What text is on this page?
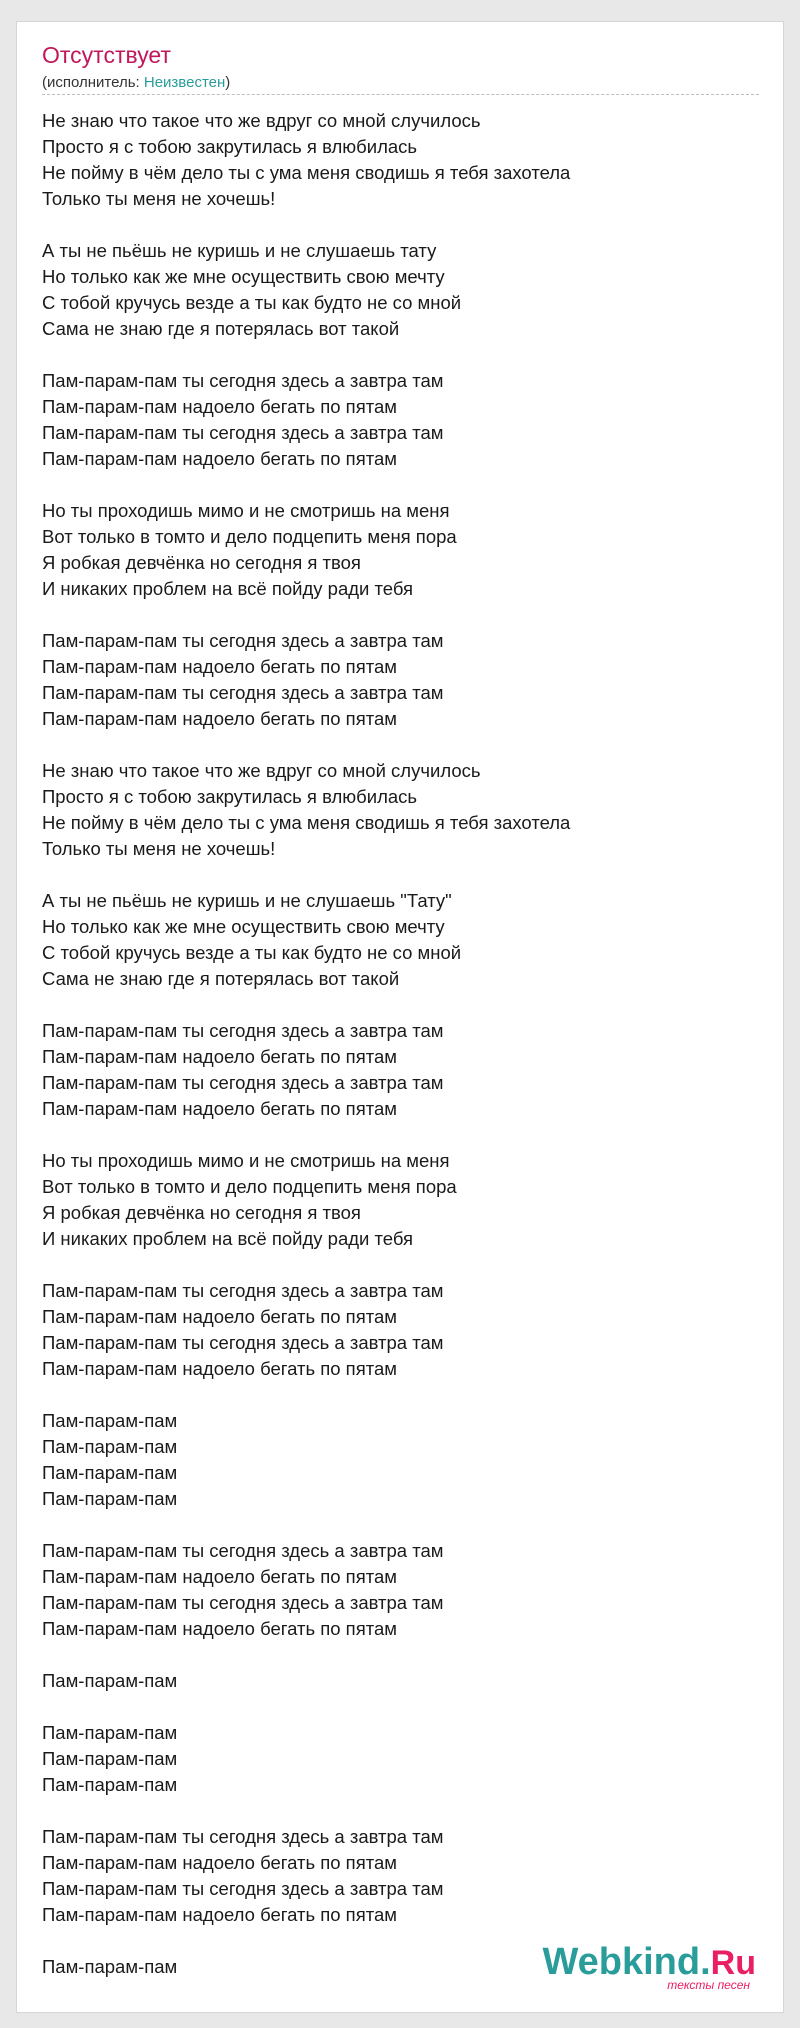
Отсутствует
(исполнитель: Неизвестен)
Не знаю что такое что же вдруг со мной случилось
Просто я с тобою закрутилась я влюбилась
Не пойму в чём дело ты с ума меня сводишь я тебя захотела
Только ты меня не хочешь!
А ты не пьёшь не куришь и не слушаешь тату
Но только как же мне осуществить свою мечту
С тобой кручусь везде а ты как будто не со мной
Сама не знаю где я потерялась вот такой
Пам-парам-пам ты сегодня здесь а завтра там
Пам-парам-пам надоело бегать по пятам
Пам-парам-пам ты сегодня здесь а завтра там
Пам-парам-пам надоело бегать по пятам
Но ты проходишь мимо и не смотришь на меня
Вот только в томто и дело подцепить меня пора
Я робкая девчёнка но сегодня я твоя
И никаких проблем на всё пойду ради тебя
Пам-парам-пам ты сегодня здесь а завтра там
Пам-парам-пам надоело бегать по пятам
Пам-парам-пам ты сегодня здесь а завтра там
Пам-парам-пам надоело бегать по пятам
Не знаю что такое что же вдруг со мной случилось
Просто я с тобою закрутилась я влюбилась
Не пойму в чём дело ты с ума меня сводишь я тебя захотела
Только ты меня не хочешь!
А ты не пьёшь не куришь и не слушаешь "Тату"
Но только как же мне осуществить свою мечту
С тобой кручусь везде а ты как будто не со мной
Сама не знаю где я потерялась вот такой
Пам-парам-пам ты сегодня здесь а завтра там
Пам-парам-пам надоело бегать по пятам
Пам-парам-пам ты сегодня здесь а завтра там
Пам-парам-пам надоело бегать по пятам
Но ты проходишь мимо и не смотришь на меня
Вот только в томто и дело подцепить меня пора
Я робкая девчёнка но сегодня я твоя
И никаких проблем на всё пойду ради тебя
Пам-парам-пам ты сегодня здесь а завтра там
Пам-парам-пам надоело бегать по пятам
Пам-парам-пам ты сегодня здесь а завтра там
Пам-парам-пам надоело бегать по пятам
Пам-парам-пам
Пам-парам-пам
Пам-парам-пам
Пам-парам-пам
Пам-парам-пам ты сегодня здесь а завтра там
Пам-парам-пам надоело бегать по пятам
Пам-парам-пам ты сегодня здесь а завтра там
Пам-парам-пам надоело бегать по пятам
Пам-парам-пам
Пам-парам-пам
Пам-парам-пам
Пам-парам-пам
Пам-парам-пам ты сегодня здесь а завтра там
Пам-парам-пам надоело бегать по пятам
Пам-парам-пам ты сегодня здесь а завтра там
Пам-парам-пам надоело бегать по пятам
Пам-парам-пам	Webkind.Ru
тексты песен
